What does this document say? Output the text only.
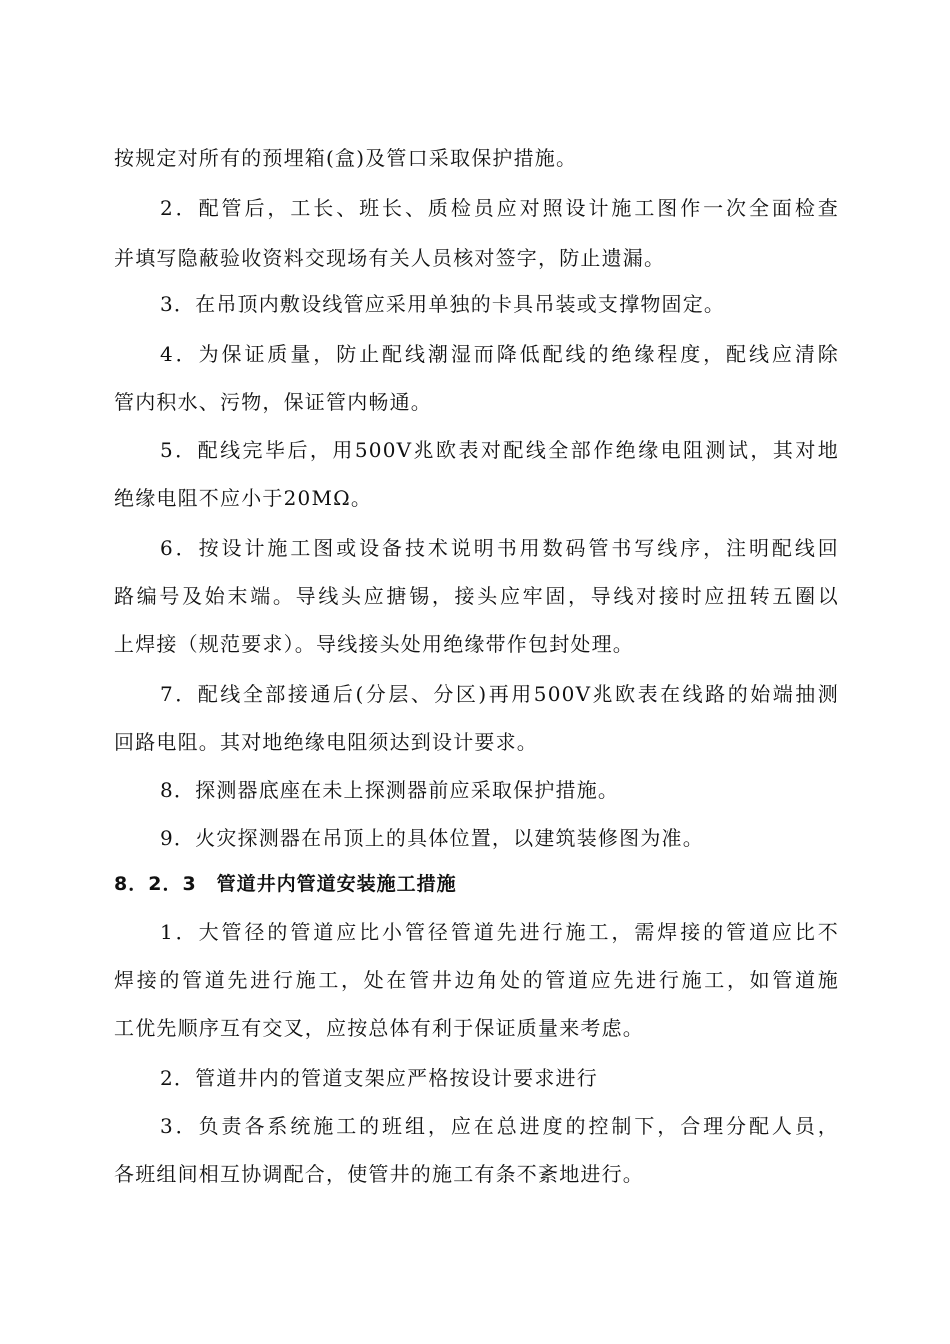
按规定对所有的预埋箱(盒)及管口采取保护措施。
2．配管后，工长、班长、质检员应对照设计施工图作一次全面检查
并填写隐蔽验收资料交现场有关人员核对签字，防止遗漏。
3．在吊顶内敷设线管应采用单独的卡具吊装或支撑物固定。
4．为保证质量，防止配线潮湿而降低配线的绝缘程度，配线应清除
管内积水、污物，保证管内畅通。
5．配线完毕后，用500V兆欧表对配线全部作绝缘电阻测试，其对地
绝缘电阻不应小于20MΩ。
6．按设计施工图或设备技术说明书用数码管书写线序，注明配线回
路编号及始末端。导线头应搪锡，接头应牢固，导线对接时应扭转五圈以
上焊接（规范要求）。导线接头处用绝缘带作包封处理。
7．配线全部接通后(分层、分区)再用500V兆欧表在线路的始端抽测
回路电阻。其对地绝缘电阻须达到设计要求。
8．探测器底座在未上探测器前应采取保护措施。
9．火灾探测器在吊顶上的具体位置，以建筑装修图为准。
8．2．3　管道井内管道安装施工措施
1．大管径的管道应比小管径管道先进行施工，需焊接的管道应比不
焊接的管道先进行施工，处在管井边角处的管道应先进行施工，如管道施
工优先顺序互有交叉，应按总体有利于保证质量来考虑。
2．管道井内的管道支架应严格按设计要求进行
3．负责各系统施工的班组，应在总进度的控制下，合理分配人员，
各班组间相互协调配合，使管井的施工有条不紊地进行。
